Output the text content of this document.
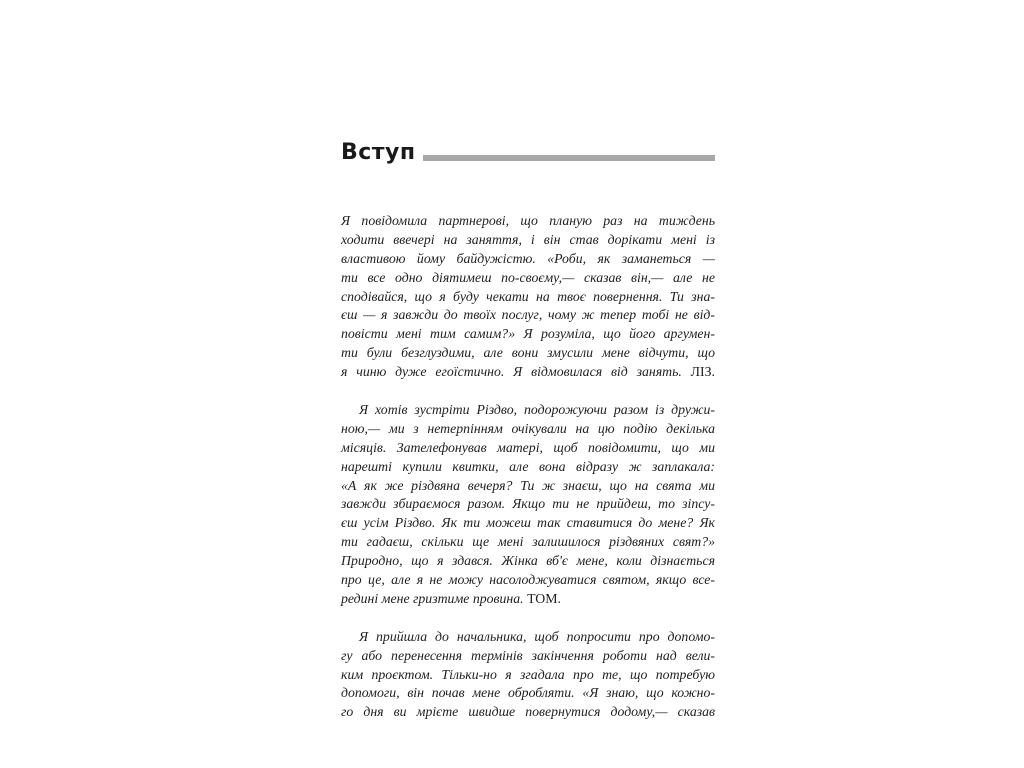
Вступ

Я повідомила партнерові, що планую раз на тиждень
ходити ввечері на заняття, і він став дорікати мені із
властивою йому байдужістю. «Роби, як заманеться —
ти все одно діятимеш по-своєму,— сказав він,— але не
сподівайся, що я буду чекати на твоє повернення. Ти зна-
єш — я завжди до твоїх послуг, чому ж тепер тобі не від-
повісти мені тим самим?» Я розуміла, що його аргумен-
ти були безглуздими, але вони змусили мене відчути, що
я чиню дуже егоїстично. Я відмовилася від занять. ЛІЗ.

Я хотів зустріти Різдво, подорожуючи разом із дружи-
ною,— ми з нетерпінням очікували на цю подію декілька
місяців. Зателефонував матері, щоб повідомити, що ми
нарешті купили квитки, але вона відразу ж заплакала:
«А як же різдвяна вечеря? Ти ж знаєш, що на свята ми
завжди збираємося разом. Якщо ти не прийдеш, то зіпсу-
єш усім Різдво. Як ти можеш так ставитися до мене? Як
ти гадаєш, скільки ще мені залишилося різдвяних свят?»
Природно, що я здався. Жінка вб'є мене, коли дізнається
про це, але я не можу насолоджуватися святом, якщо все-
редині мене гризтиме провина. ТОМ.

Я прийшла до начальника, щоб попросити про допомо-
гу або перенесення термінів закінчення роботи над вели-
ким проєктом. Тільки-но я згадала про те, що потребую
допомоги, він почав мене обробляти. «Я знаю, що кожно-
го дня ви мрієте швидше повернутися додому,— сказав
